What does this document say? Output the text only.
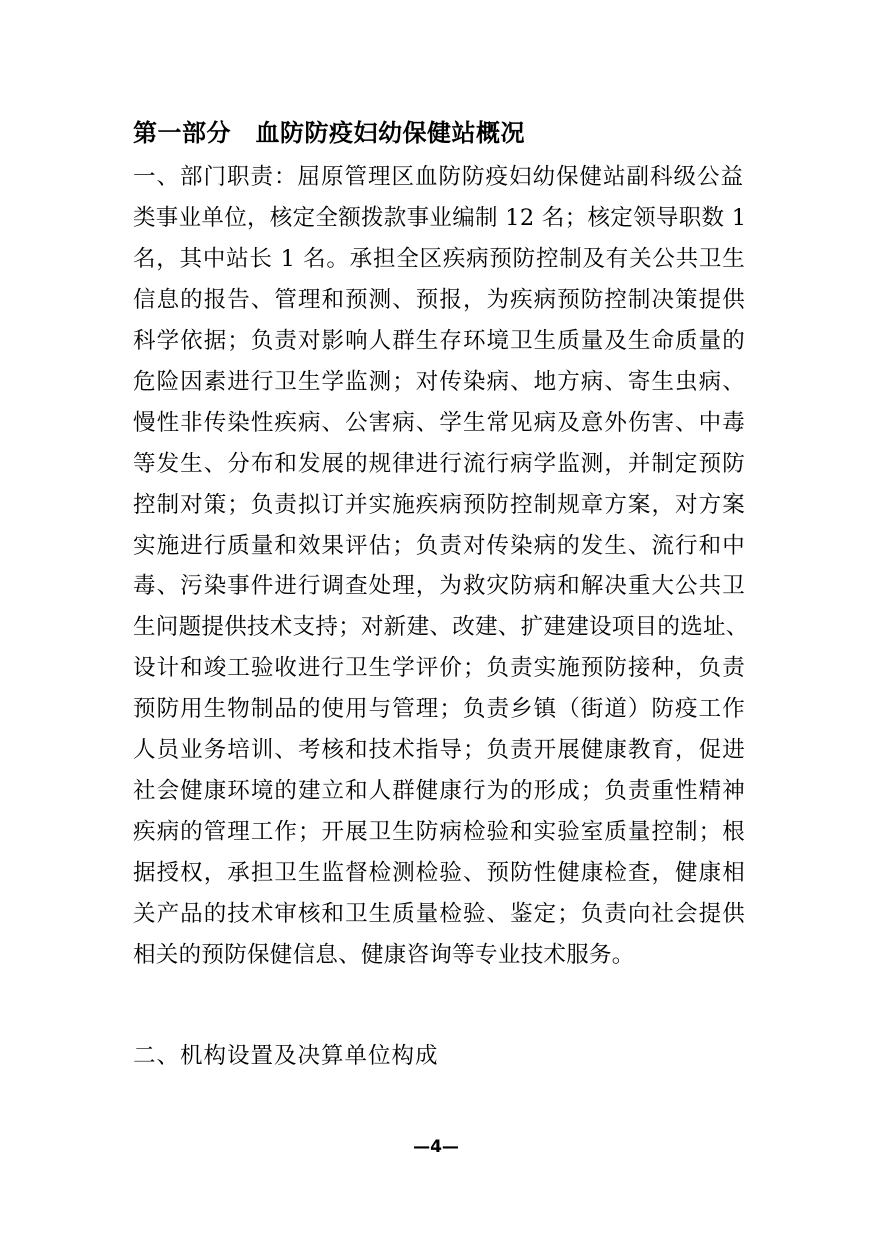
第一部分　血防防疫妇幼保健站概况
一、部门职责：屈原管理区血防防疫妇幼保健站副科级公益
类事业单位，核定全额拨款事业编制 12 名；核定领导职数 1
名，其中站长 1 名。承担全区疾病预防控制及有关公共卫生
信息的报告、管理和预测、预报，为疾病预防控制决策提供
科学依据；负责对影响人群生存环境卫生质量及生命质量的
危险因素进行卫生学监测；对传染病、地方病、寄生虫病、
慢性非传染性疾病、公害病、学生常见病及意外伤害、中毒
等发生、分布和发展的规律进行流行病学监测，并制定预防
控制对策；负责拟订并实施疾病预防控制规章方案，对方案
实施进行质量和效果评估；负责对传染病的发生、流行和中
毒、污染事件进行调查处理，为救灾防病和解决重大公共卫
生问题提供技术支持；对新建、改建、扩建建设项目的选址、
设计和竣工验收进行卫生学评价；负责实施预防接种，负责
预防用生物制品的使用与管理；负责乡镇（街道）防疫工作
人员业务培训、考核和技术指导；负责开展健康教育，促进
社会健康环境的建立和人群健康行为的形成；负责重性精神
疾病的管理工作；开展卫生防病检验和实验室质量控制；根
据授权，承担卫生监督检测检验、预防性健康检查，健康相
关产品的技术审核和卫生质量检验、鉴定；负责向社会提供
相关的预防保健信息、健康咨询等专业技术服务。
二、机构设置及决算单位构成
—4—
